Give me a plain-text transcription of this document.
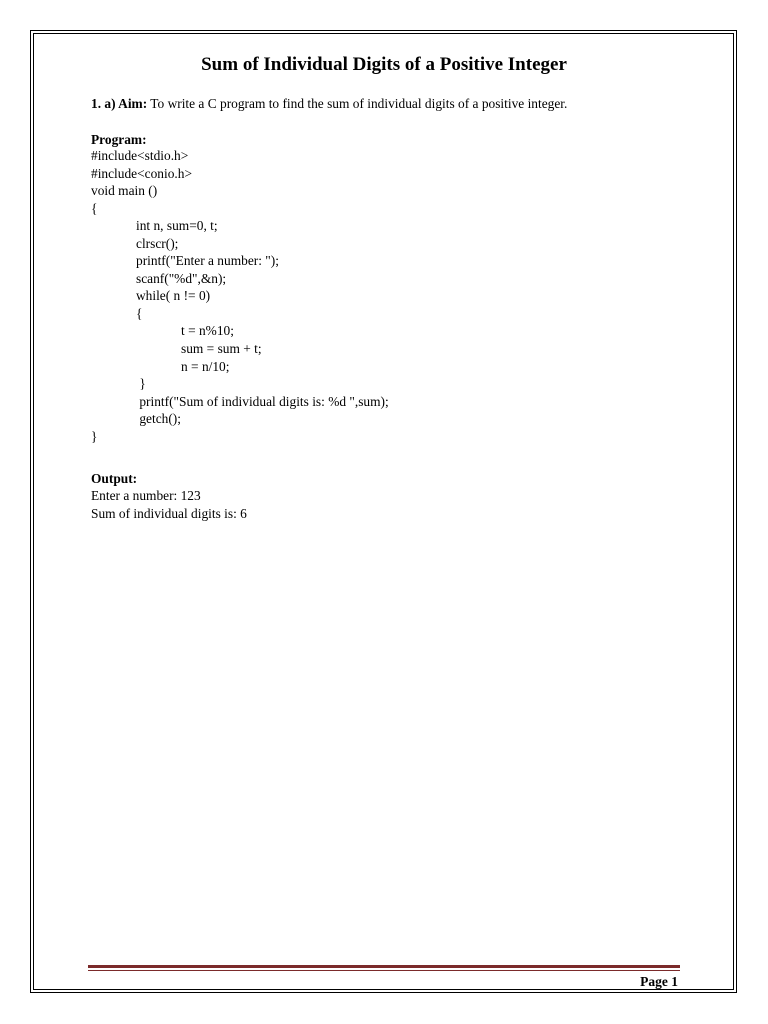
Sum of Individual Digits of a Positive Integer
1. a) Aim: To write a C program to find the sum of individual digits of a positive integer.
Program:
#include<stdio.h>
#include<conio.h>
void main ()
{
int n, sum=0, t;
clrscr();
printf("Enter a number: ");
scanf("%d",&n);
while( n != 0)
{
t = n%10;
sum = sum + t;
n = n/10;
}
printf("Sum of individual digits is: %d ",sum);
getch();
}
Output:
Enter a number: 123
Sum of individual digits is: 6
Page 1
